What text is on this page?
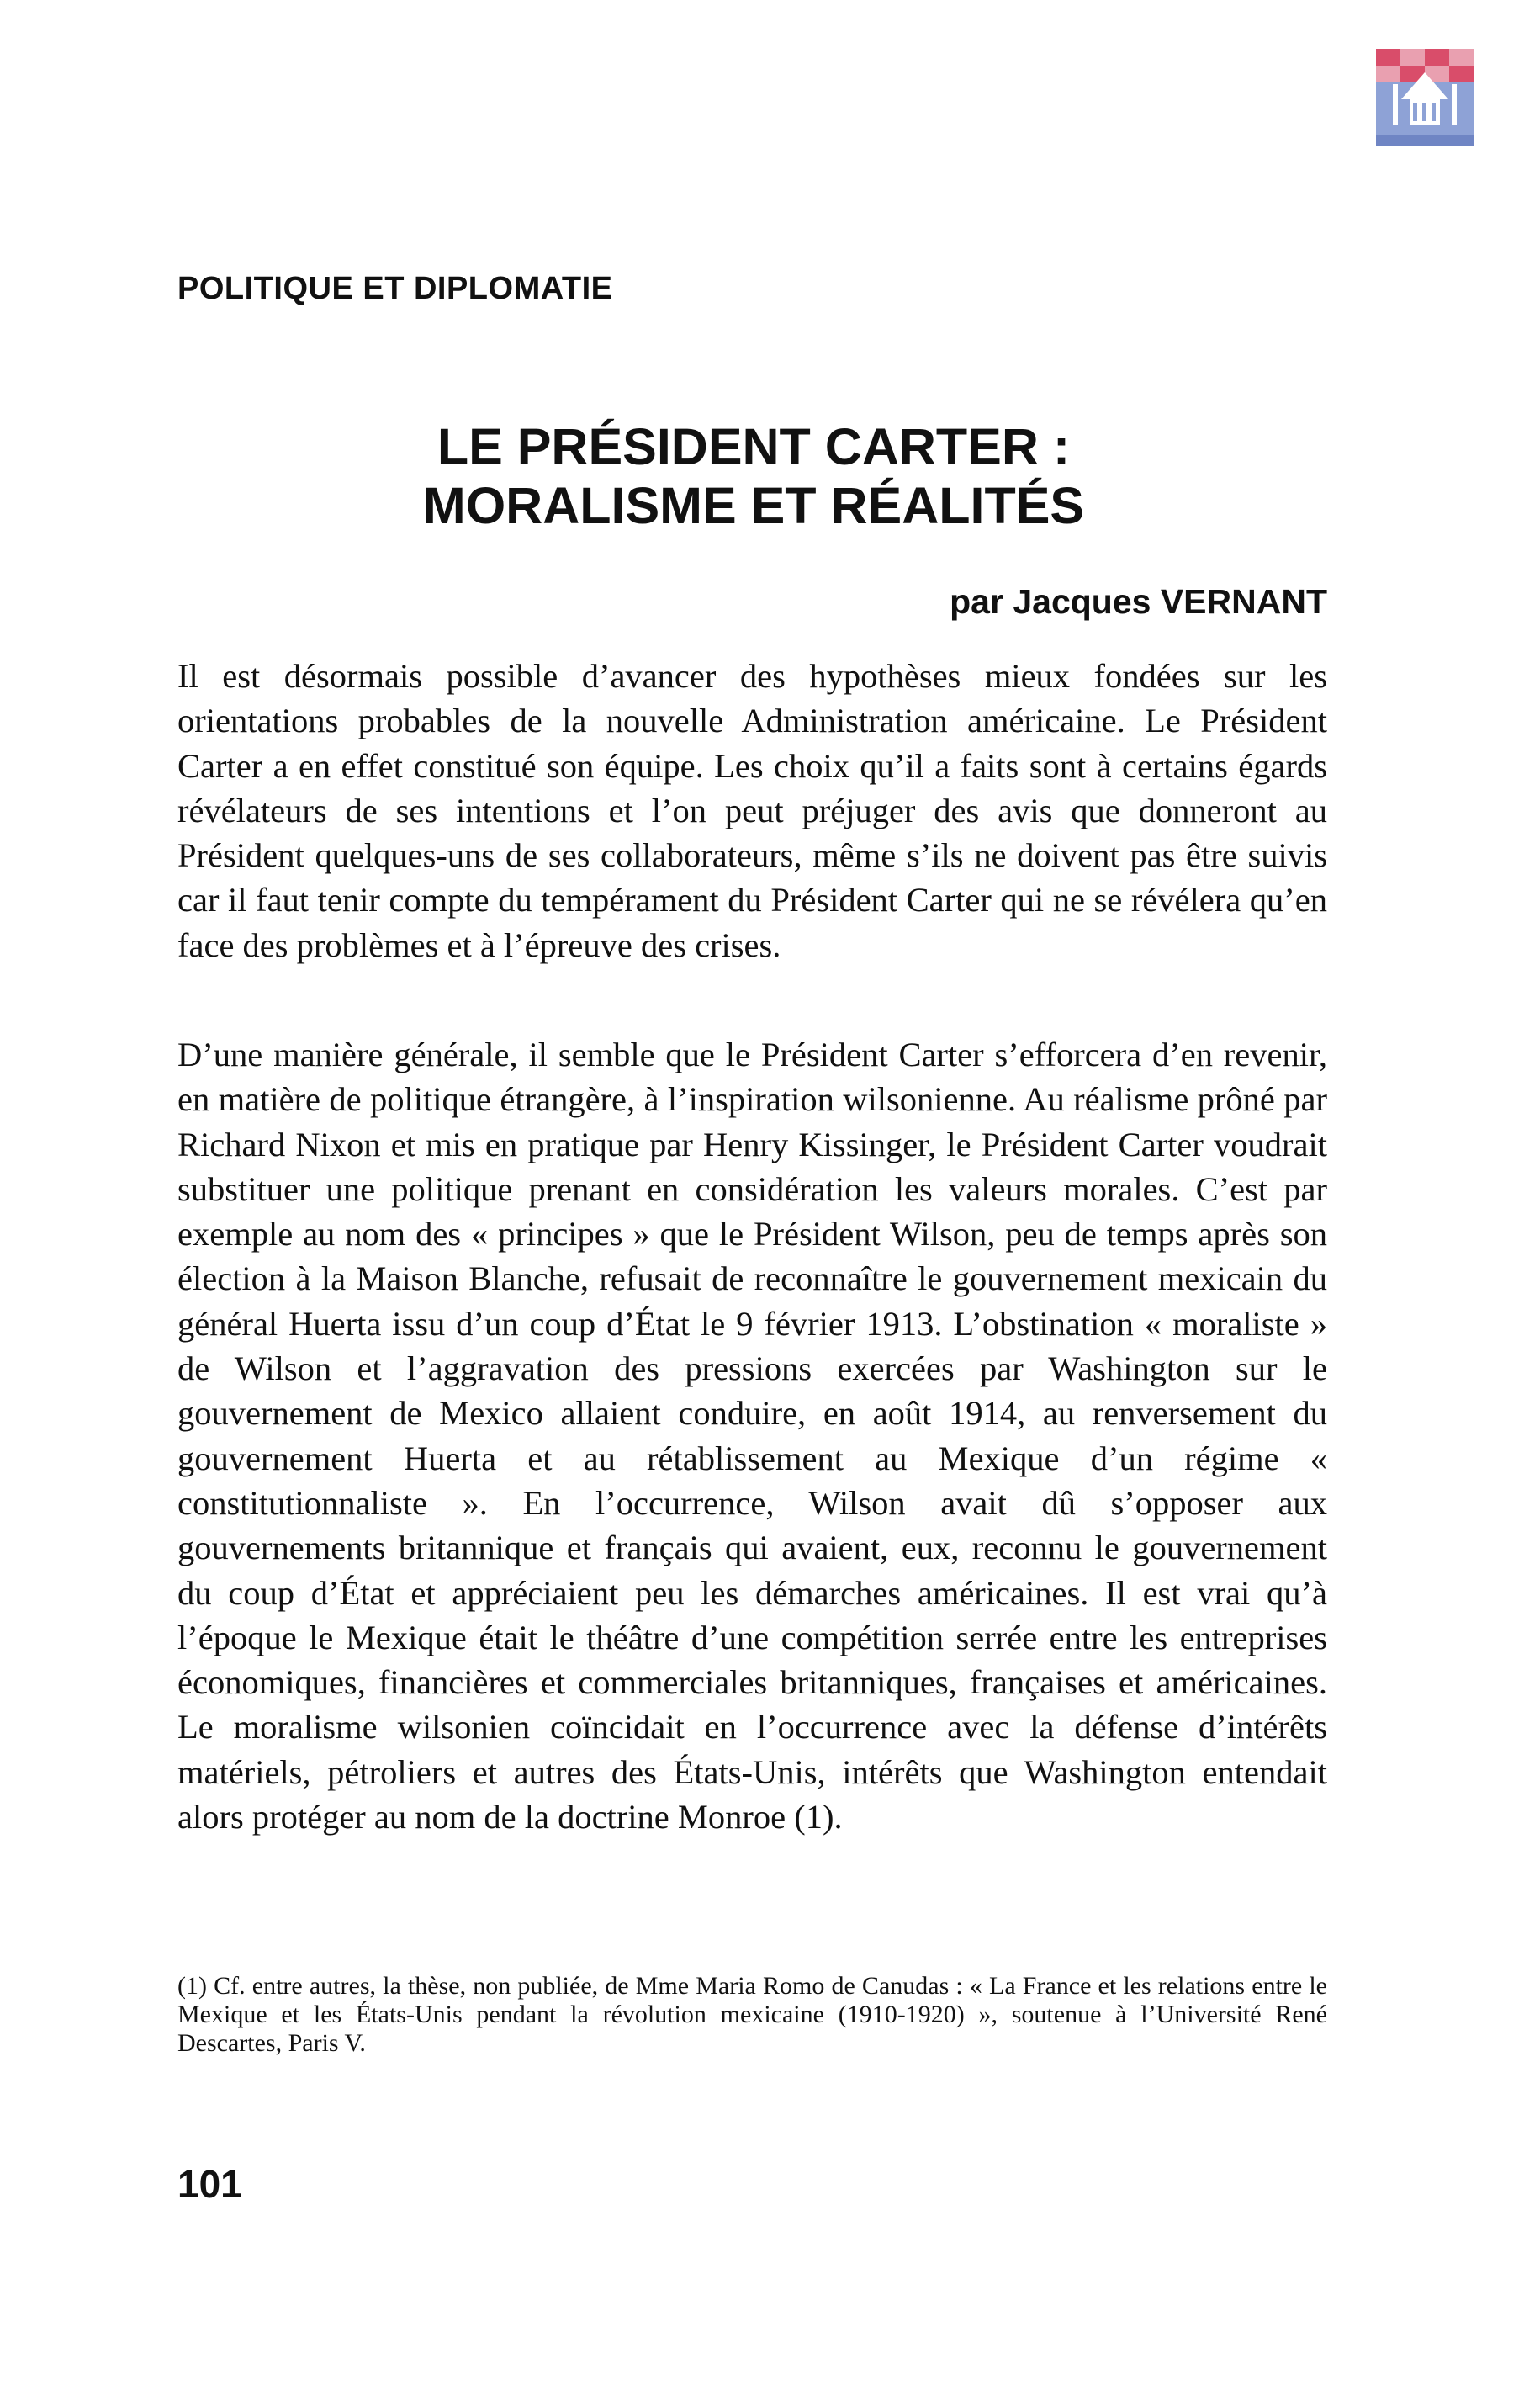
POLITIQUE ET DIPLOMATIE
LE PRÉSIDENT CARTER :
MORALISME ET RÉALITÉS
par Jacques VERNANT

Il est désormais possible d’avancer des hypothèses mieux fondées sur les orientations probables de la nouvelle Administration américaine. Le Président Carter a en effet constitué son équipe. Les choix qu’il a faits sont à certains égards révélateurs de ses intentions et l’on peut préjuger des avis que donneront au Président quelques-uns de ses collaborateurs, même s’ils ne doivent pas être suivis car il faut tenir compte du tempérament du Président Carter qui ne se révélera qu’en face des problèmes et à l’épreuve des crises.

D’une manière générale, il semble que le Président Carter s’efforcera d’en revenir, en matière de politique étrangère, à l’inspiration wilsonienne. Au réalisme prôné par Richard Nixon et mis en pratique par Henry Kissinger, le Président Carter voudrait substituer une politique prenant en considération les valeurs morales. C’est par exemple au nom des « principes » que le Président Wilson, peu de temps après son élection à la Maison Blanche, refusait de reconnaître le gouvernement mexicain du général Huerta issu d’un coup d’État le 9 février 1913. L’obstination « moraliste » de Wilson et l’aggravation des pressions exercées par Washington sur le gouvernement de Mexico allaient conduire, en août 1914, au renversement du gouvernement Huerta et au rétablissement au Mexique d’un régime « constitutionnaliste ». En l’occurrence, Wilson avait dû s’opposer aux gouvernements britannique et français qui avaient, eux, reconnu le gouvernement du coup d’État et appréciaient peu les démarches américaines. Il est vrai qu’à l’époque le Mexique était le théâtre d’une compétition serrée entre les entreprises économiques, financières et commerciales britanniques, françaises et américaines. Le moralisme wilsonien coïncidait en l’occurrence avec la défense d’intérêts matériels, pétroliers et autres des États-Unis, intérêts que Washington entendait alors protéger au nom de la doctrine Monroe (1).

(1) Cf. entre autres, la thèse, non publiée, de Mme Maria Romo de Canudas : « La France et les relations entre le Mexique et les États-Unis pendant la révolution mexicaine (1910-1920) », soutenue à l’Université René Descartes, Paris V.

101
